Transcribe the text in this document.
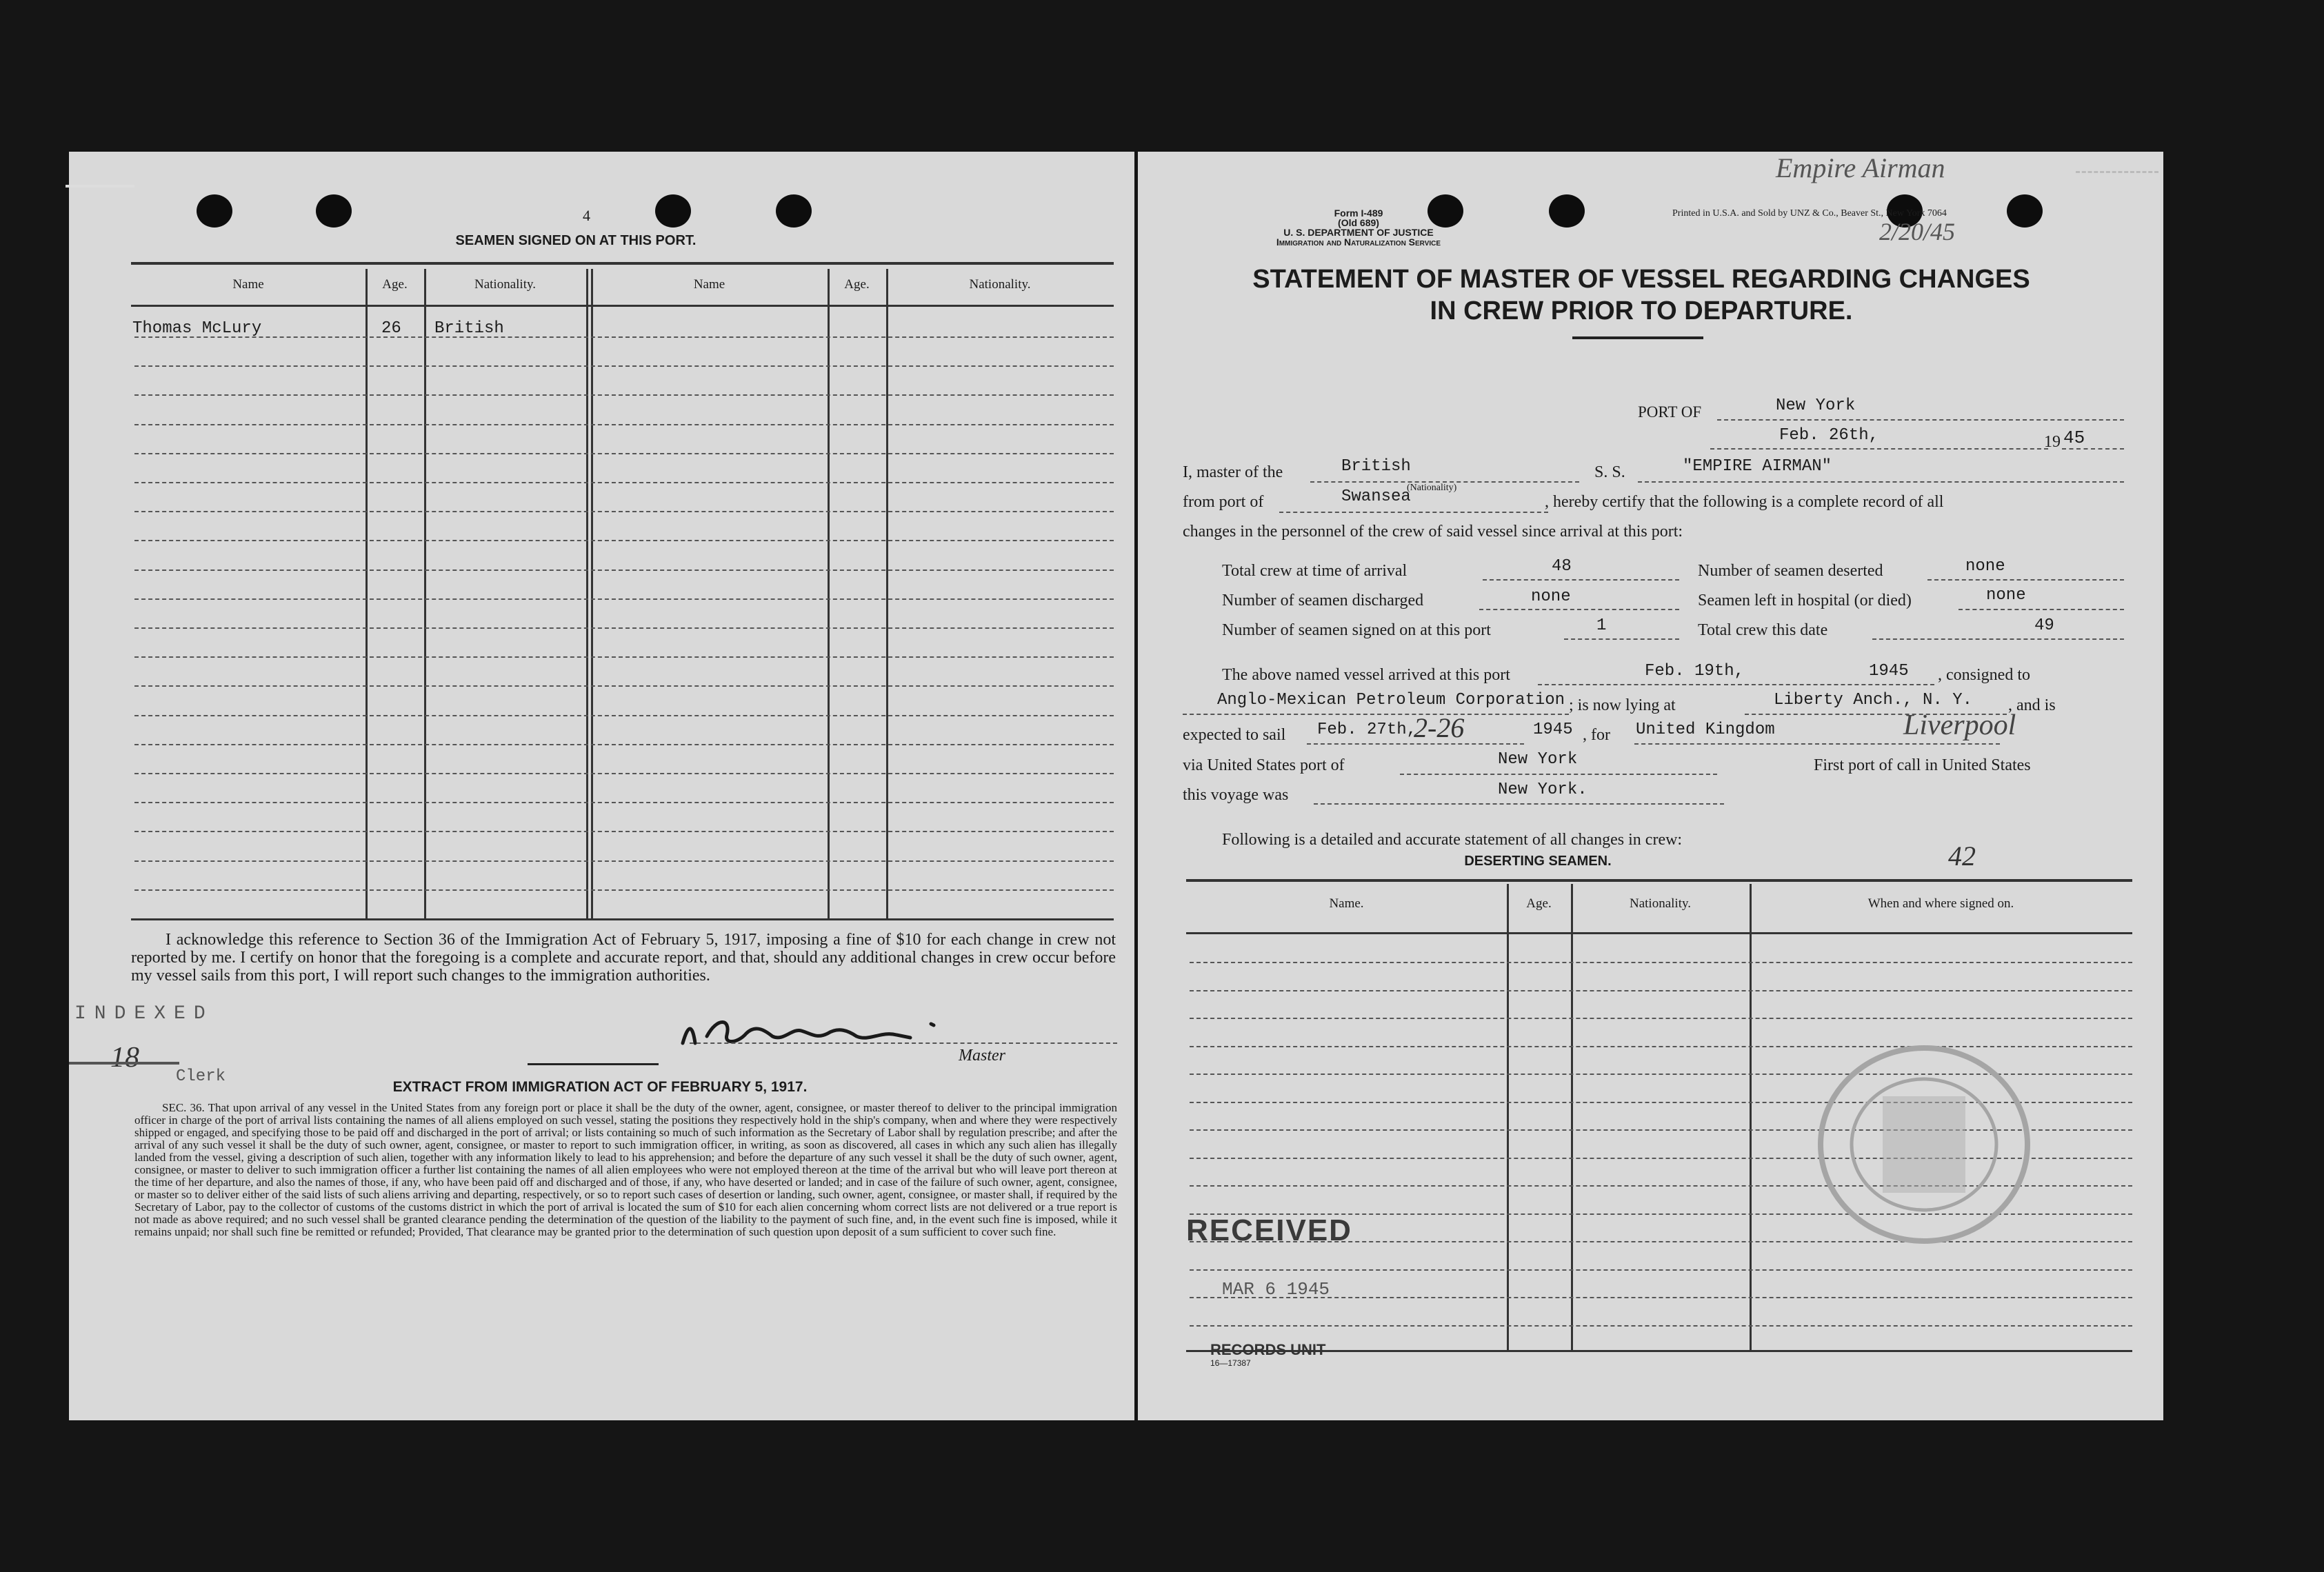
4
SEAMEN SIGNED ON AT THIS PORT.
Name	Age.	Nationality.	Name	Age.	Nationality.
Thomas McLury	26 British
I acknowledge this reference to Section 36 of the Immigration Act of February 5, 1917, imposing a fine of $10 for each change in crew not reported by me. I certify on honor that the foregoing is a complete and accurate report, and that, should any additional changes in crew occur before my vessel sails from this port, I will report such changes to the immigration authorities.
Master
INDEXED
18
Clerk
EXTRACT FROM IMMIGRATION ACT OF FEBRUARY 5, 1917.
SEC. 36. That upon arrival of any vessel in the United States from any foreign port or place it shall be the duty of the owner, agent, consignee, or master thereof to deliver to the principal immigration officer in charge of the port of arrival lists containing the names of all aliens employed on such vessel, stating the positions they respectively hold in the ship's company, when and where they were respectively shipped or engaged, and specifying those to be paid off and discharged in the port of arrival; or lists containing so much of such information as the Secretary of Labor shall by regulation prescribe; and after the arrival of any such vessel it shall be the duty of such owner, agent, consignee, or master to report to such immigration officer, in writing, as soon as discovered, all cases in which any such alien has illegally landed from the vessel, giving a description of such alien, together with any information likely to lead to his apprehension; and before the departure of any such vessel it shall be the duty of such owner, agent, consignee, or master to deliver to such immigration officer a further list containing the names of all alien employees who were not employed thereon at the time of the arrival but who will leave port thereon at the time of her departure, and also the names of those, if any, who have been paid off and discharged and of those, if any, who have deserted or landed; and in case of the failure of such owner, agent, consignee, or master so to deliver either of the said lists of such aliens arriving and departing, respectively, or so to report such cases of desertion or landing, such owner, agent, consignee, or master shall, if required by the Secretary of Labor, pay to the collector of customs of the customs district in which the port of arrival is located the sum of $10 for each alien concerning whom correct lists are not delivered or a true report is not made as above required; and no such vessel shall be granted clearance pending the determination of the question of the liability to the payment of such fine, and, in the event such fine is imposed, while it remains unpaid; nor shall such fine be remitted or refunded; Provided, That clearance may be granted prior to the determination of such question upon deposit of a sum sufficient to cover such fine.
Empire Airman
2/20/45
Form I-489
(Old 689)
U. S. DEPARTMENT OF JUSTICE
Immigration and Naturalization Service
Printed in U.S.A. and Sold by UNZ & Co., Beaver St., New York 7064
STATEMENT OF MASTER OF VESSEL REGARDING CHANGES
IN CREW PRIOR TO DEPARTURE.
PORT OF	New York
Feb. 26th,	19 45
I, master of the	British
(Nationality)
S. S.	"EMPIRE AIRMAN"
from port of	Swansea	, hereby certify that the following is a complete record of all
changes in the personnel of the crew of said vessel since arrival at this port:
Total crew at time of arrival	48	Number of seamen deserted	none
Number of seamen discharged	none	Seamen left in hospital (or died)	none
Number of seamen signed on at this port	1	Total crew this date	49
The above named vessel arrived at this port	Feb. 19th,	1945 , consigned to
Anglo-Mexican Petroleum Corporation ; is now lying at	Liberty Anch., N. Y. , and is
expected to sail Feb. 27th,
2-26	1945 , for United Kingdom	Liverpool
via United States port of	New York	First port of call in United States
this voyage was	New York.
Following is a detailed and accurate statement of all changes in crew:
DESERTING SEAMEN.	42
Name.	Age.	Nationality.	When and where signed on.
RECEIVED
MAR 6 1945
RECORDS UNIT
16—17387
